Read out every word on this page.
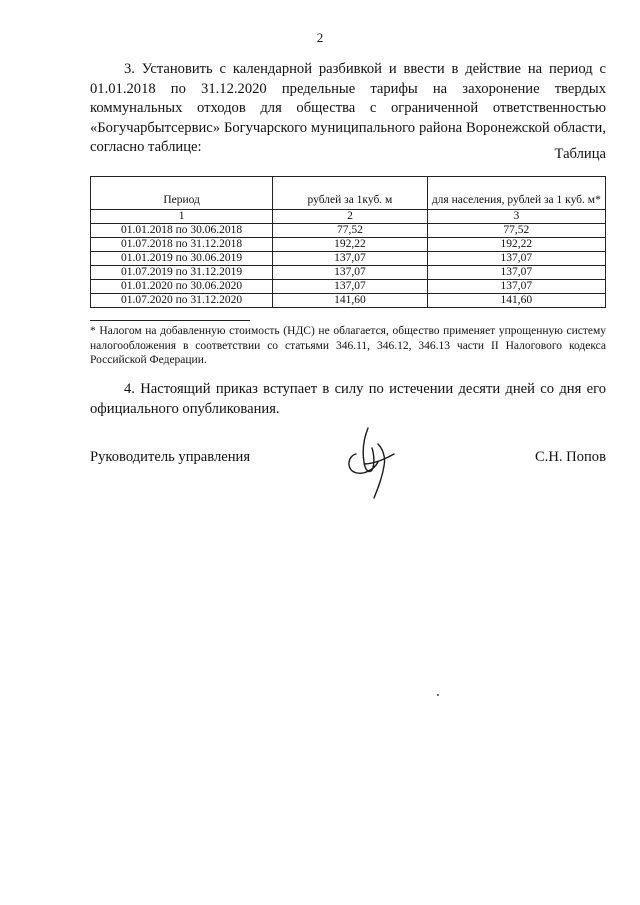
2
3. Установить с календарной разбивкой и ввести в действие на период с 01.01.2018 по 31.12.2020 предельные тарифы на захоронение твердых коммунальных отходов для общества с ограниченной ответственностью «Богучарбытсервис» Богучарского муниципального района Воронежской области, согласно таблице:	Таблица
Период	рублей за 1куб. м	для населения, рублей за 1 куб. м*
1	2	3
01.01.2018 по 30.06.2018	77,52	77,52
01.07.2018 по 31.12.2018	192,22	192,22
01.01.2019 по 30.06.2019	137,07	137,07
01.07.2019 по 31.12.2019	137,07	137,07
01.01.2020 по 30.06.2020	137,07	137,07
01.07.2020 по 31.12.2020	141,60	141,60
* Налогом на добавленную стоимость (НДС) не облагается, общество применяет упрощенную систему налогообложения в соответствии со статьями 346.11, 346.12, 346.13 части II Налогового кодекса Российской Федерации.
4. Настоящий приказ вступает в силу по истечении десяти дней со дня его официального опубликования.
Руководитель управления	С.Н. Попов
